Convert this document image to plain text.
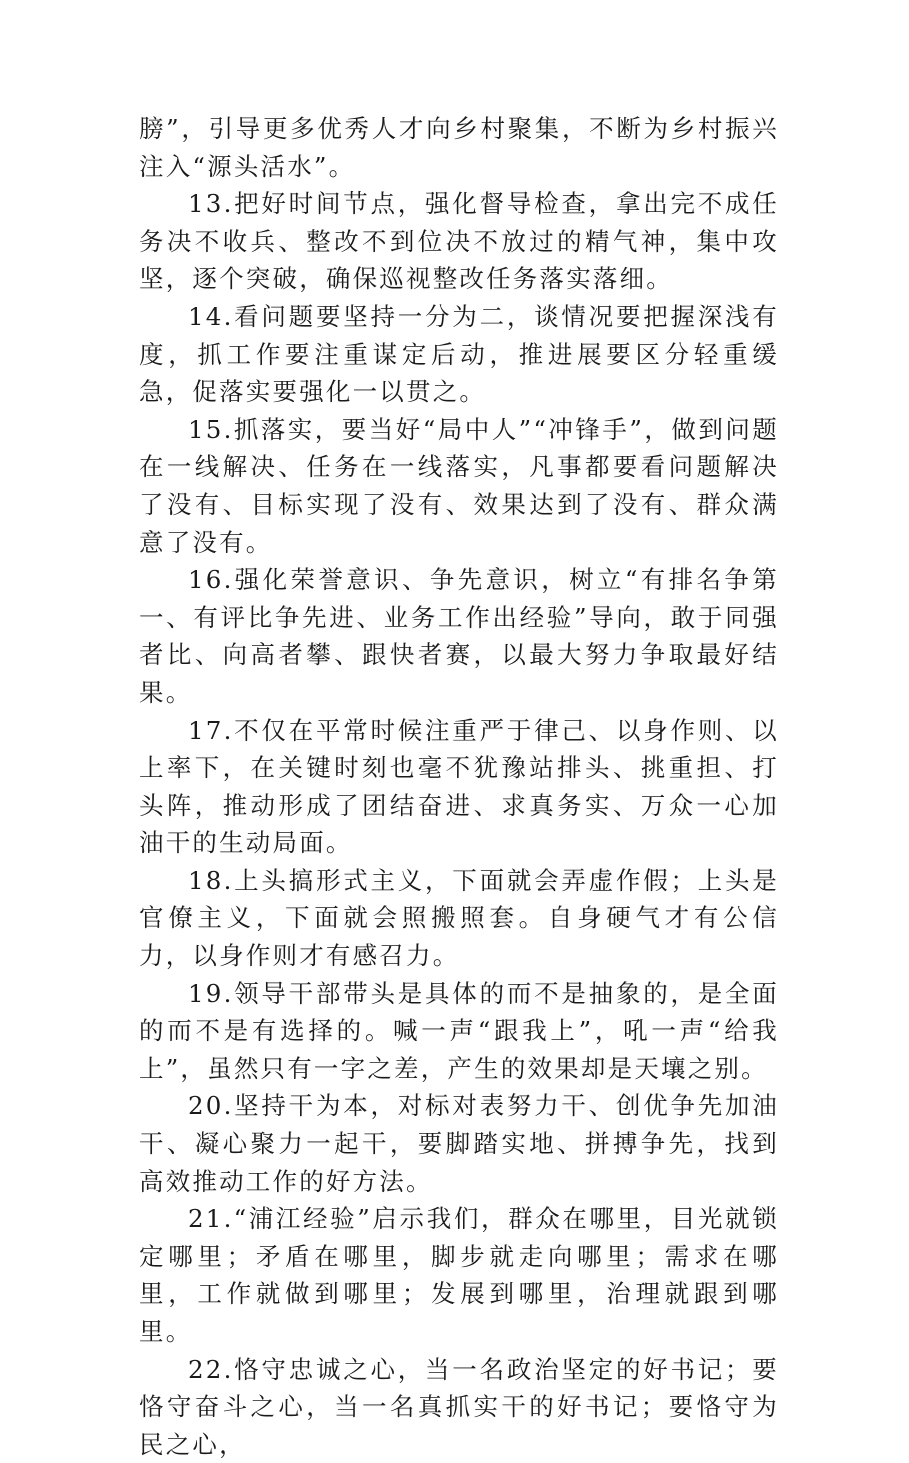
膀”，引导更多优秀人才向乡村聚集，不断为乡村振兴注入“源头活水”。

13.把好时间节点，强化督导检查，拿出完不成任务决不收兵、整改不到位决不放过的精气神，集中攻坚，逐个突破，确保巡视整改任务落实落细。

14.看问题要坚持一分为二，谈情况要把握深浅有度，抓工作要注重谋定后动，推进展要区分轻重缓急，促落实要强化一以贯之。

15.抓落实，要当好“局中人”“冲锋手”，做到问题在一线解决、任务在一线落实，凡事都要看问题解决了没有、目标实现了没有、效果达到了没有、群众满意了没有。

16.强化荣誉意识、争先意识，树立“有排名争第一、有评比争先进、业务工作出经验”导向，敢于同强者比、向高者攀、跟快者赛，以最大努力争取最好结果。

17.不仅在平常时候注重严于律己、以身作则、以上率下，在关键时刻也毫不犹豫站排头、挑重担、打头阵，推动形成了团结奋进、求真务实、万众一心加油干的生动局面。

18.上头搞形式主义，下面就会弄虚作假；上头是官僚主义，下面就会照搬照套。自身硬气才有公信力，以身作则才有感召力。

19.领导干部带头是具体的而不是抽象的，是全面的而不是有选择的。喊一声“跟我上”，吼一声“给我上”，虽然只有一字之差，产生的效果却是天壤之别。

20.坚持干为本，对标对表努力干、创优争先加油干、凝心聚力一起干，要脚踏实地、拼搏争先，找到高效推动工作的好方法。

21.“浦江经验”启示我们，群众在哪里，目光就锁定哪里；矛盾在哪里，脚步就走向哪里；需求在哪里，工作就做到哪里；发展到哪里，治理就跟到哪里。

22.恪守忠诚之心，当一名政治坚定的好书记；要恪守奋斗之心，当一名真抓实干的好书记；要恪守为民之心，
